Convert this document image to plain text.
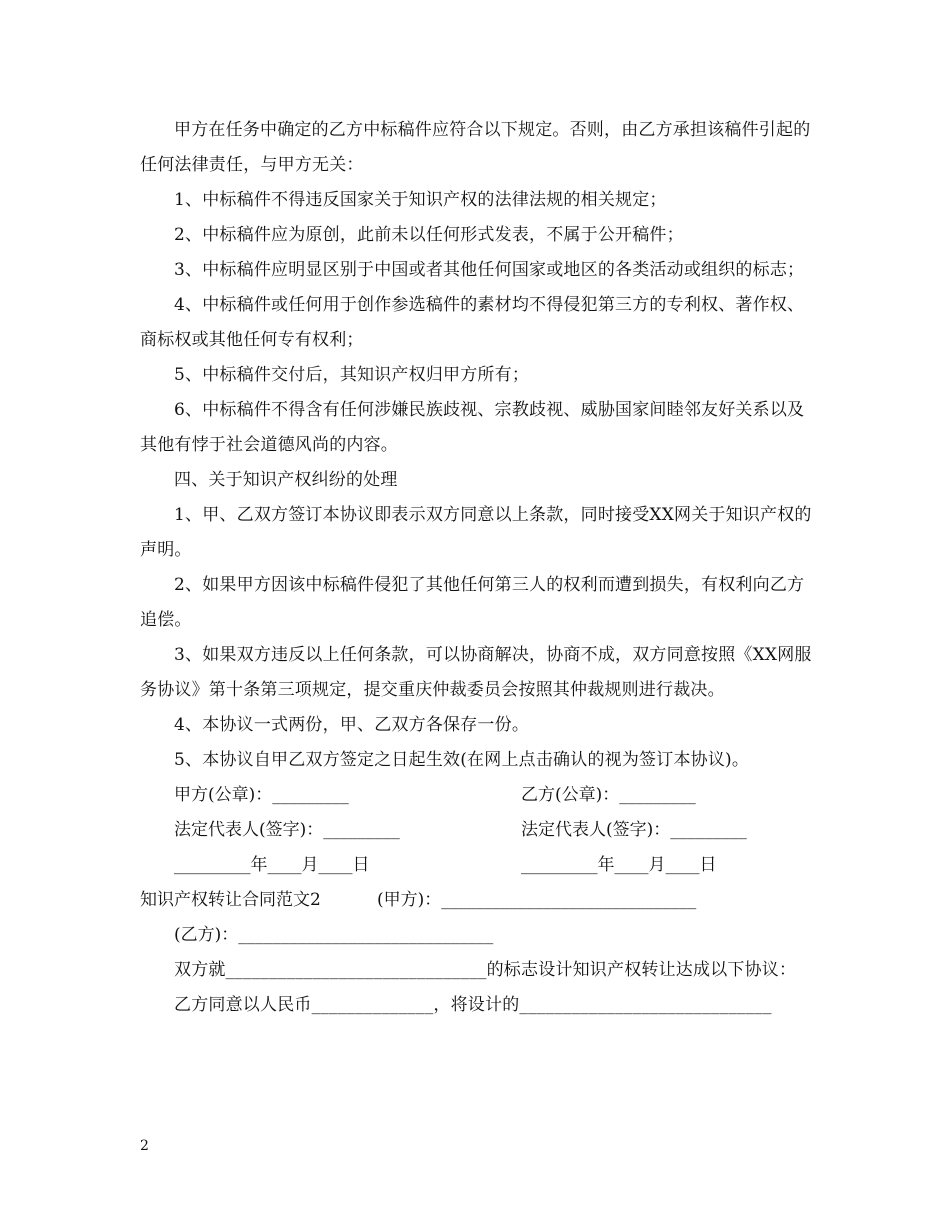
甲方在任务中确定的乙方中标稿件应符合以下规定。否则，由乙方承担该稿件引起的任何法律责任，与甲方无关：

1、中标稿件不得违反国家关于知识产权的法律法规的相关规定；

2、中标稿件应为原创，此前未以任何形式发表，不属于公开稿件；

3、中标稿件应明显区别于中国或者其他任何国家或地区的各类活动或组织的标志；

4、中标稿件或任何用于创作参选稿件的素材均不得侵犯第三方的专利权、著作权、商标权或其他任何专有权利；

5、中标稿件交付后，其知识产权归甲方所有；

6、中标稿件不得含有任何涉嫌民族歧视、宗教歧视、威胁国家间睦邻友好关系以及其他有悖于社会道德风尚的内容。

四、关于知识产权纠纷的处理

1、甲、乙双方签订本协议即表示双方同意以上条款，同时接受XX网关于知识产权的声明。

2、如果甲方因该中标稿件侵犯了其他任何第三人的权利而遭到损失，有权利向乙方追偿。

3、如果双方违反以上任何条款，可以协商解决，协商不成，双方同意按照《XX网服务协议》第十条第三项规定，提交重庆仲裁委员会按照其仲裁规则进行裁决。

4、本协议一式两份，甲、乙双方各保存一份。

5、本协议自甲乙双方签定之日起生效(在网上点击确认的视为签订本协议)。

甲方(公章)：_________	乙方(公章)：_________
法定代表人(签字)：_________	法定代表人(签字)：_________
_________年____月____日	_________年____月____日
知识产权转让合同范文2	(甲方)：______________________________
(乙方)：______________________________

双方就______________________________的标志设计知识产权转让达成以下协议：

乙方同意以人民币______________，将设计的_____________________________

2
